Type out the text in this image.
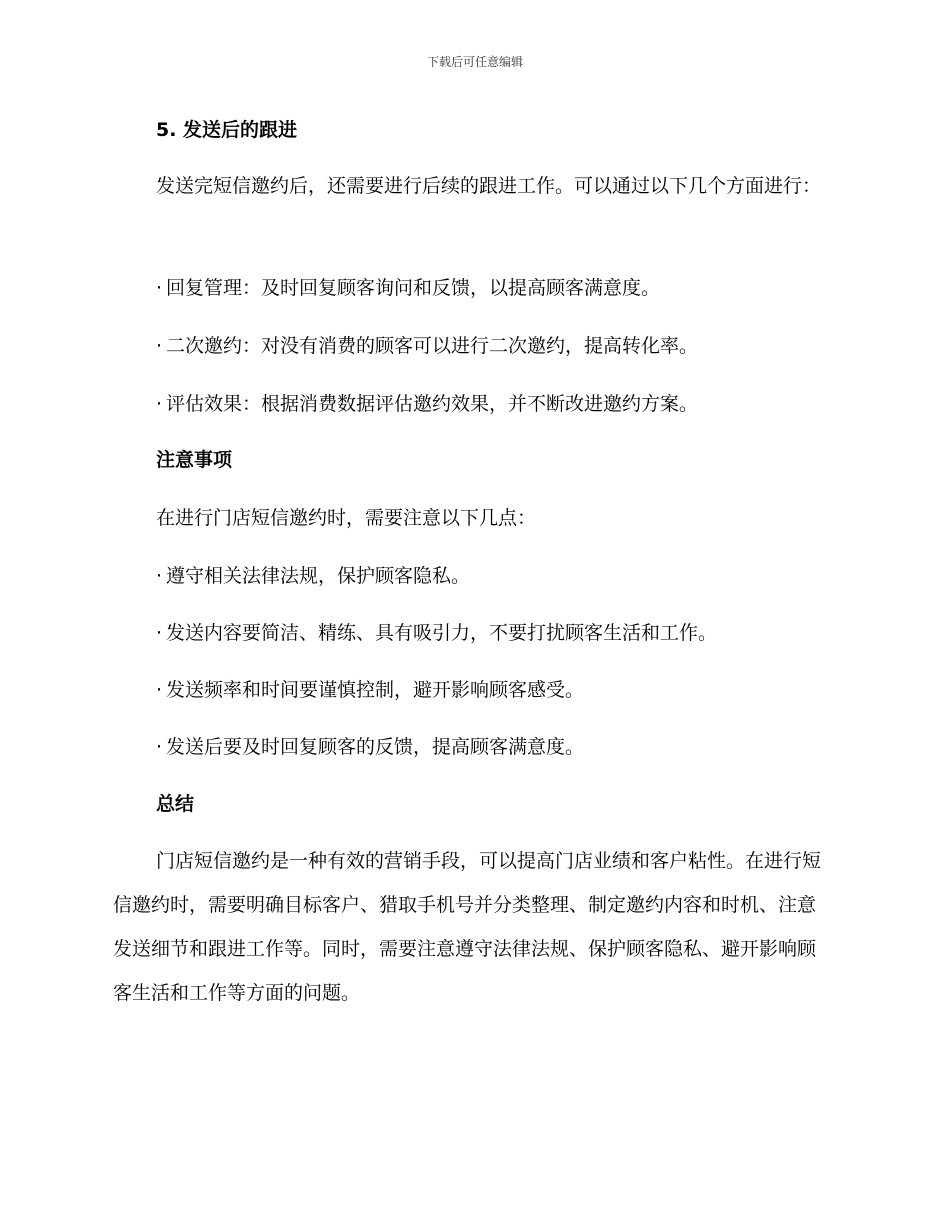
下载后可任意编辑
5. 发送后的跟进
发送完短信邀约后，还需要进行后续的跟进工作。可以通过以下几个方面进行：
· 回复管理：及时回复顾客询问和反馈，以提高顾客满意度。
· 二次邀约：对没有消费的顾客可以进行二次邀约，提高转化率。
· 评估效果：根据消费数据评估邀约效果，并不断改进邀约方案。
注意事项
在进行门店短信邀约时，需要注意以下几点：
· 遵守相关法律法规，保护顾客隐私。
· 发送内容要简洁、精练、具有吸引力，不要打扰顾客生活和工作。
· 发送频率和时间要谨慎控制，避开影响顾客感受。
· 发送后要及时回复顾客的反馈，提高顾客满意度。
总结
门店短信邀约是一种有效的营销手段，可以提高门店业绩和客户粘性。在进行短信邀约时，需要明确目标客户、猎取手机号并分类整理、制定邀约内容和时机、注意发送细节和跟进工作等。同时，需要注意遵守法律法规、保护顾客隐私、避开影响顾客生活和工作等方面的问题。
